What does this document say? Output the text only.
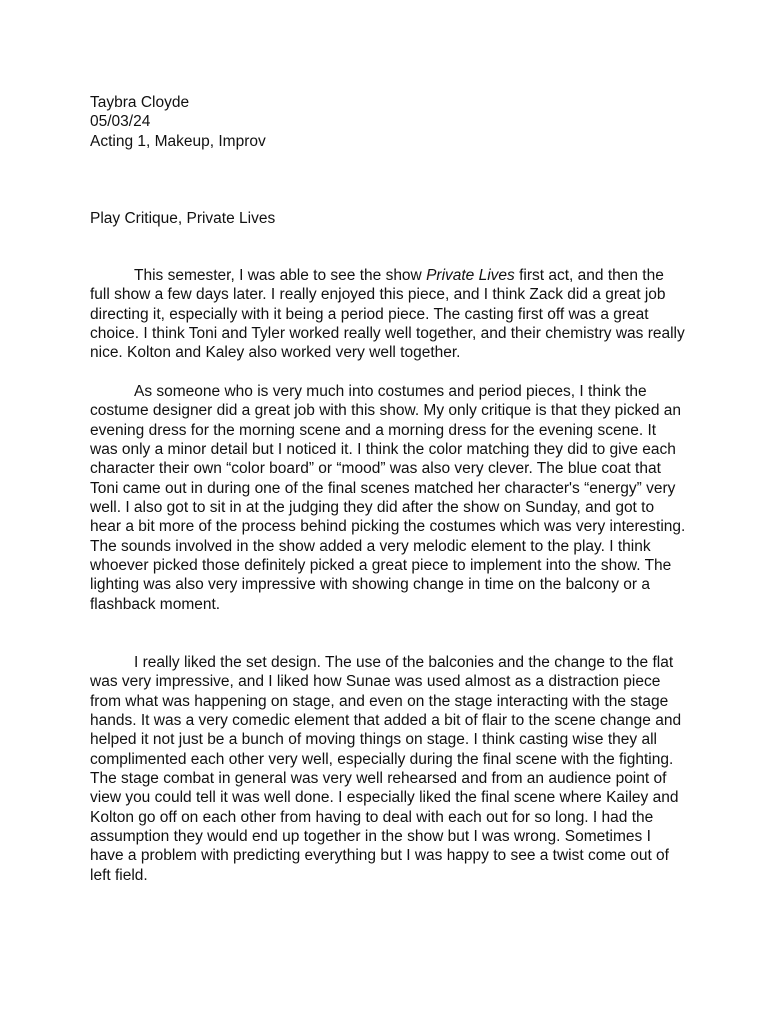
Taybra Cloyde
05/03/24
Acting 1, Makeup, Improv
Play Critique, Private Lives

This semester, I was able to see the show Private Lives first act, and then the full show a few days later. I really enjoyed this piece, and I think Zack did a great job directing it, especially with it being a period piece. The casting first off was a great choice. I think Toni and Tyler worked really well together, and their chemistry was really nice. Kolton and Kaley also worked very well together.

As someone who is very much into costumes and period pieces, I think the costume designer did a great job with this show. My only critique is that they picked an evening dress for the morning scene and a morning dress for the evening scene. It was only a minor detail but I noticed it. I think the color matching they did to give each character their own “color board” or “mood” was also very clever. The blue coat that Toni came out in during one of the final scenes matched her character's “energy” very well. I also got to sit in at the judging they did after the show on Sunday, and got to hear a bit more of the process behind picking the costumes which was very interesting. The sounds involved in the show added a very melodic element to the play. I think whoever picked those definitely picked a great piece to implement into the show. The lighting was also very impressive with showing change in time on the balcony or a flashback moment.

I really liked the set design. The use of the balconies and the change to the flat was very impressive, and I liked how Sunae was used almost as a distraction piece from what was happening on stage, and even on the stage interacting with the stage hands. It was a very comedic element that added a bit of flair to the scene change and helped it not just be a bunch of moving things on stage. I think casting wise they all complimented each other very well, especially during the final scene with the fighting. The stage combat in general was very well rehearsed and from an audience point of view you could tell it was well done. I especially liked the final scene where Kailey and Kolton go off on each other from having to deal with each out for so long. I had the assumption they would end up together in the show but I was wrong. Sometimes I have a problem with predicting everything but I was happy to see a twist come out of left field.
